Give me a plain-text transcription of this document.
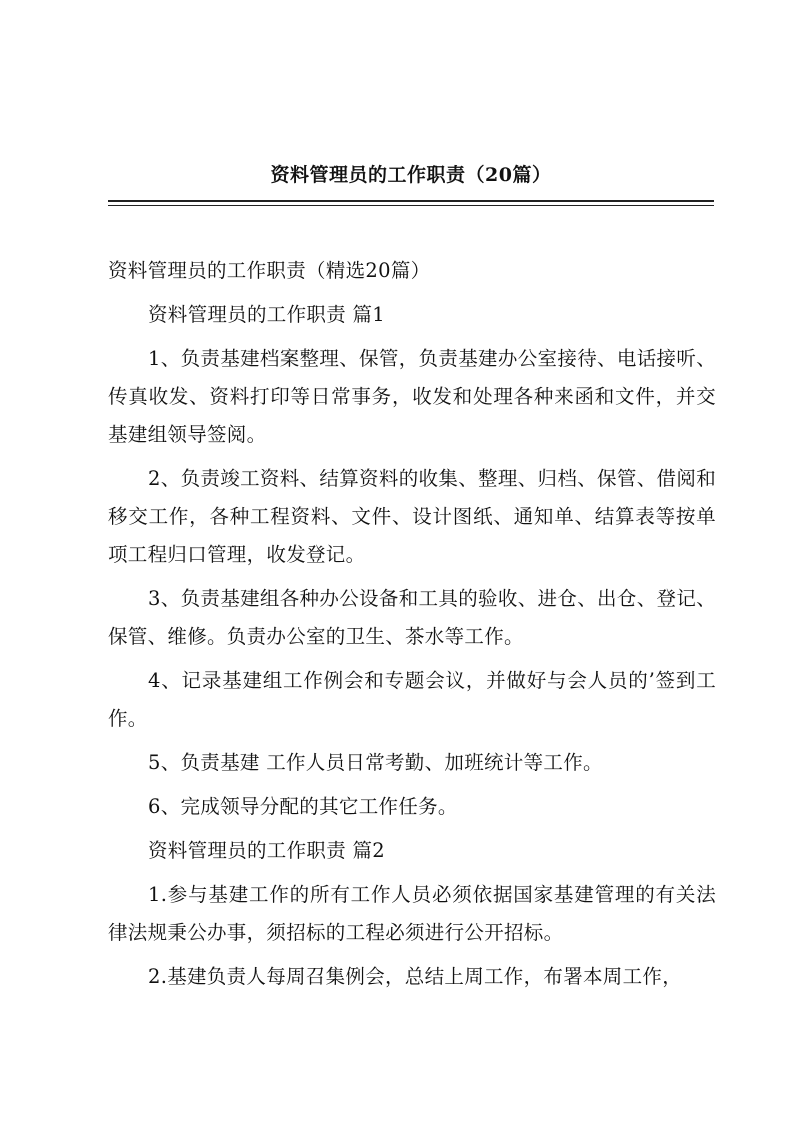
资料管理员的工作职责（20篇）

资料管理员的工作职责（精选20篇）

资料管理员的工作职责 篇1

1、负责基建档案整理、保管，负责基建办公室接待、电话接听、传真收发、资料打印等日常事务，收发和处理各种来函和文件，并交基建组领导签阅。

2、负责竣工资料、结算资料的收集、整理、归档、保管、借阅和移交工作，各种工程资料、文件、设计图纸、通知单、结算表等按单项工程归口管理，收发登记。

3、负责基建组各种办公设备和工具的验收、进仓、出仓、登记、保管、维修。负责办公室的卫生、茶水等工作。

4、记录基建组工作例会和专题会议，并做好与会人员的’签到工作。

5、负责基建 工作人员日常考勤、加班统计等工作。

6、完成领导分配的其它工作任务。

资料管理员的工作职责 篇2

1.参与基建工作的所有工作人员必须依据国家基建管理的有关法律法规秉公办事，须招标的工程必须进行公开招标。

2.基建负责人每周召集例会，总结上周工作，布署本周工作，
